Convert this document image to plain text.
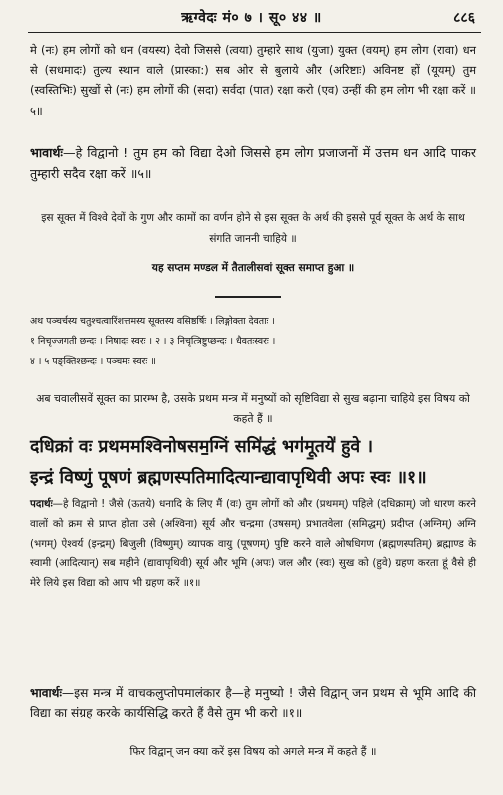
ऋग्वेदः मं० ७ । सू० ४४ ॥	८८६

मे (नः) हम लोगों को धन (वयस्य) देवो जिससे (त्वया) तुम्हारे साथ (युजा) युक्त (वयम्) हम लोग (रावा) धन से (सधमादः) तुल्य स्थान वाले (प्रास्का:) सब ओर से बुलाये और (अरिष्टाः) अविनष्ट हों (यूयम्) तुम (स्वस्तिभिः) सुखों से (नः) हम लोगों की (सदा) सर्वदा (पात) रक्षा करो (एव) उन्हीं की हम लोग भी रक्षा करें ॥५॥

भावार्थः—हे विद्वानो ! तुम हम को विद्या देओ जिससे हम लोग प्रजाजनों में उत्तम धन आदि पाकर तुम्हारी सदैव रक्षा करें ॥५॥

इस सूक्त में विश्वे देवों के गुण और कामों का वर्णन होने से इस सूक्त के अर्थ की इससे पूर्व सूक्त के अर्थ के साथ संगति जाननी चाहिये ॥

यह सप्तम मण्डल में तैतालीसवां सूक्त समाप्त हुआ ॥

अथ पञ्चर्चस्य चतुश्चत्वारिंशत्तमस्य सूक्तस्य वसिष्ठर्षिः । लिङ्गोक्ता देवताः ।
१ निचृज्जगती छन्दः । निषादः स्वरः । २ । ३ निचृत्त्रिष्टुप्छन्दः । धैवतःस्वरः ।
४ । ५ पङ्क्तिश्छन्दः । पञ्चमः स्वरः ॥

अब चवालीसवें सूक्त का प्रारम्भ है, उसके प्रथम मन्त्र में मनुष्यों को सृष्टिविद्या से सुख बढ़ाना चाहिये इस विषय को कहते हैं ॥

दधिक्रां वः प्रथममश्विनोषसम॒ग्निं समि॑द्धं भग॑मू॒तये॑ हुवे ।
इन्द्रं विष्णुं पूषणं ब्रह्मणस्पतिमादित्यान्द्यावापृथिवी अपः स्वः ॥१॥

पदार्थः—हे विद्वानो ! जैसे (ऊतये) धनादि के लिए मैं (वः) तुम लोगों को और (प्रथमम्) पहिले (दधिक्राम्) जो धारण करने वालों को क्रम से प्राप्त होता उसे (अश्विना) सूर्य और चन्द्रमा (उषसम्) प्रभातवेला (समिद्धम्) प्रदीप्त (अग्निम्) अग्नि (भगम्) ऐश्वर्य (इन्द्रम्) बिजुली (विष्णुम्) व्यापक वायु (पूषणम्) पुष्टि करने वाले ओषधिगण (ब्रह्मणस्पतिम्) ब्रह्माण्ड के स्वामी (आदित्यान्) सब महीने (द्यावापृथिवी) सूर्य और भूमि (अपः) जल और (स्वः) सुख को (हुवे) ग्रहण करता हूं वैसे ही मेरे लिये इस विद्या को आप भी ग्रहण करें ॥१॥

भावार्थः—इस मन्त्र में वाचकलुप्तोपमालंकार है—हे मनुष्यो ! जैसे विद्वान् जन प्रथम से भूमि आदि की विद्या का संग्रह करके कार्यसिद्धि करते हैं वैसे तुम भी करो ॥१॥

फिर विद्वान् जन क्या करें इस विषय को अगले मन्त्र में कहते हैं ॥
